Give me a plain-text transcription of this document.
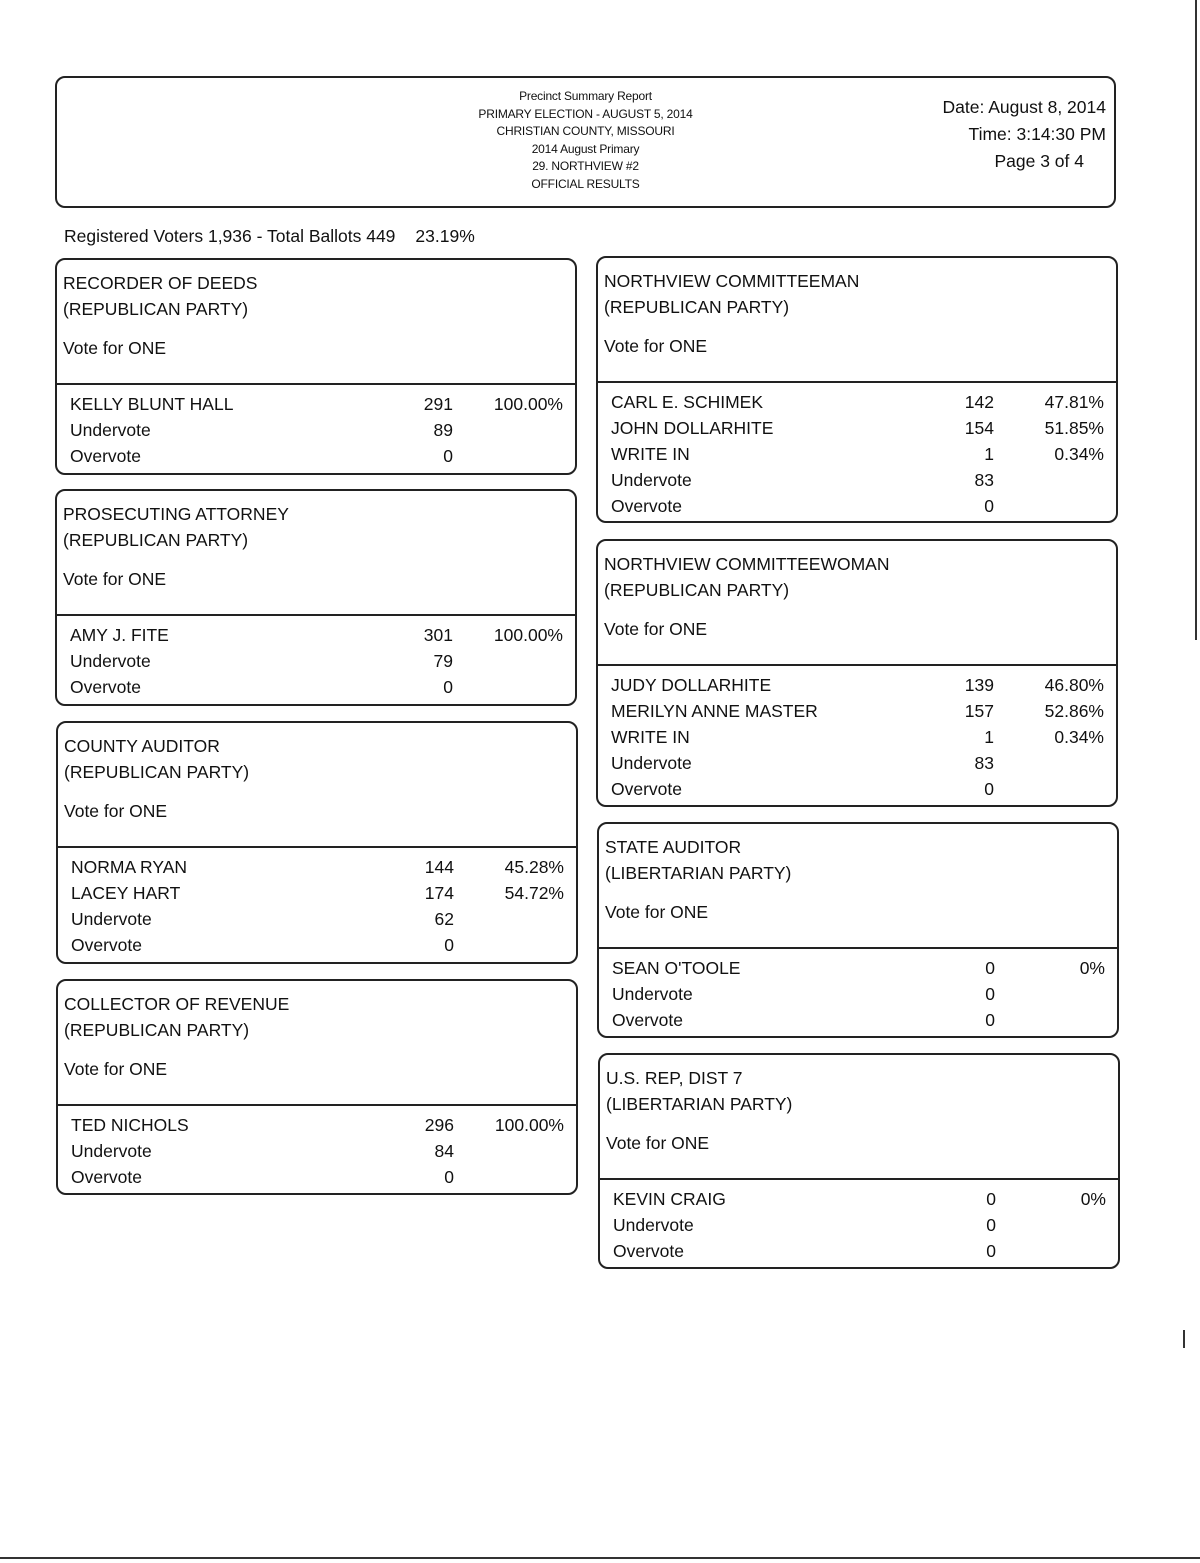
Precinct Summary Report
PRIMARY ELECTION - AUGUST 5, 2014
CHRISTIAN COUNTY, MISSOURI
2014 August Primary
29. NORTHVIEW #2
OFFICIAL RESULTS
Date: August 8, 2014
Time: 3:14:30 PM
Page 3 of 4
Registered Voters 1,936 - Total Ballots 449 23.19%
RECORDER OF DEEDS
(REPUBLICAN PARTY)
Vote for ONE
KELLY BLUNT HALL	291 100.00%
Undervote	89
Overvote	0
PROSECUTING ATTORNEY
(REPUBLICAN PARTY)
Vote for ONE
AMY J. FITE	301 100.00%
Undervote	79
Overvote	0
COUNTY AUDITOR
(REPUBLICAN PARTY)
Vote for ONE
NORMA RYAN	144	45.28%
LACEY HART	174	54.72%
Undervote	62
Overvote	0
COLLECTOR OF REVENUE
(REPUBLICAN PARTY)
Vote for ONE
TED NICHOLS	296 100.00%
Undervote	84
Overvote	0
NORTHVIEW COMMITTEEMAN
(REPUBLICAN PARTY)
Vote for ONE
CARL E. SCHIMEK	142	47.81%
JOHN DOLLARHITE	154	51.85%
WRITE IN	1	0.34%
Undervote	83
Overvote	0
NORTHVIEW COMMITTEEWOMAN
(REPUBLICAN PARTY)
Vote for ONE
JUDY DOLLARHITE	139	46.80%
MERILYN ANNE MASTER	157	52.86%
WRITE IN	1	0.34%
Undervote	83
Overvote	0
STATE AUDITOR
(LIBERTARIAN PARTY)
Vote for ONE
SEAN O'TOOLE	0	0%
Undervote	0
Overvote	0
U.S. REP, DIST 7
(LIBERTARIAN PARTY)
Vote for ONE
KEVIN CRAIG	0	0%
Undervote	0
Overvote	0
